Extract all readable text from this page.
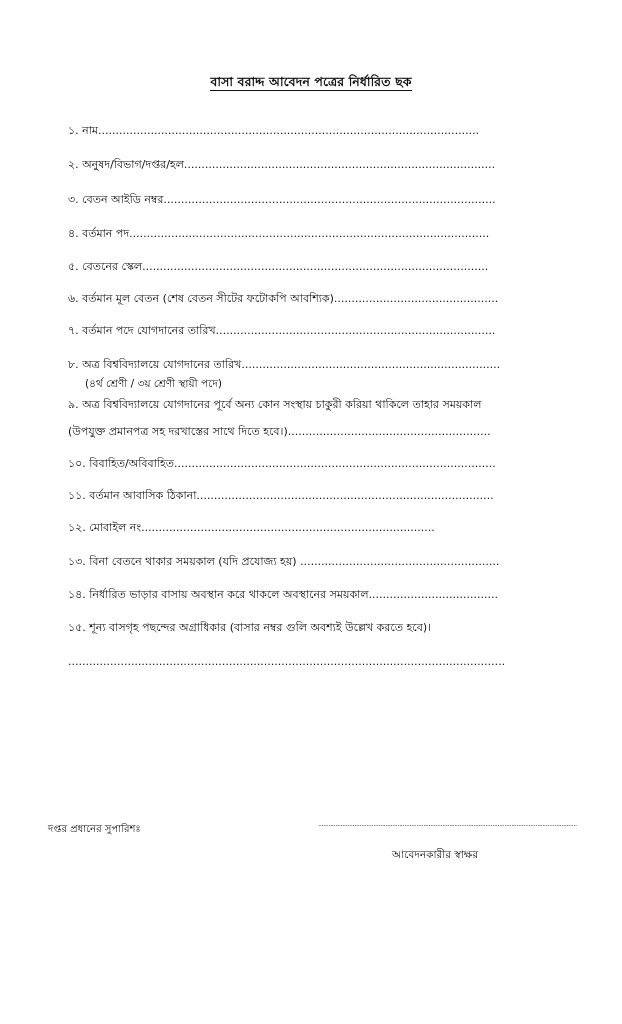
বাসা বরাদ্দ আবেদন পত্রের নির্ধারিত ছক
১. নাম.............................................................................................................
২. অনুষদ/বিভাগ/দপ্তর/হল.........................................................................................
৩. বেতন আইডি নম্বর...............................................................................................
৪. বর্তমান পদ.......................................................................................................
৫. বেতনের স্কেল...................................................................................................
৬. বর্তমান মূল বেতন (শেষ বেতন সীটের ফটোকপি আবশ্যিক)...............................................
৭. বর্তমান পদে যোগদানের তারিখ................................................................................
৮. অত্র বিশ্ববিদ্যালয়ে যোগদানের তারিখ..........................................................................
(৪র্থ শ্রেণী / ৩য় শ্রেণী স্থায়ী পদে)
৯. অত্র বিশ্ববিদ্যালয়ে যোগদানের পূর্বে অন্য কোন সংস্থায় চাকুরী করিয়া থাকিলে তাহার সময়কাল
(উপযুক্ত প্রমানপত্র সহ দরখাস্তের সাথে দিতে হবে।)..........................................................
১০. বিবাহিত/অবিবাহিত............................................................................................
১১. বর্তমান আবাসিক ঠিকানা.....................................................................................
১২. মোবাইল নং....................................................................................
১৩. বিনা বেতনে থাকার সময়কাল (যদি প্রযোজ্য হয়) .........................................................
১৪. নির্ধারিত ভাড়ার বাসায় অবস্থান করে থাকলে অবস্থানের সময়কাল.....................................
১৫. শূন্য বাসগৃহ পছন্দের অগ্রাধিকার (বাসার নম্বর গুলি অবশ্যই উল্লেখ করতে হবে)।
.............................................................................................................................
দপ্তর প্রধানের সুপারিশঃ	......................................................................................................................................................
আবেদনকারীর স্বাক্ষর
